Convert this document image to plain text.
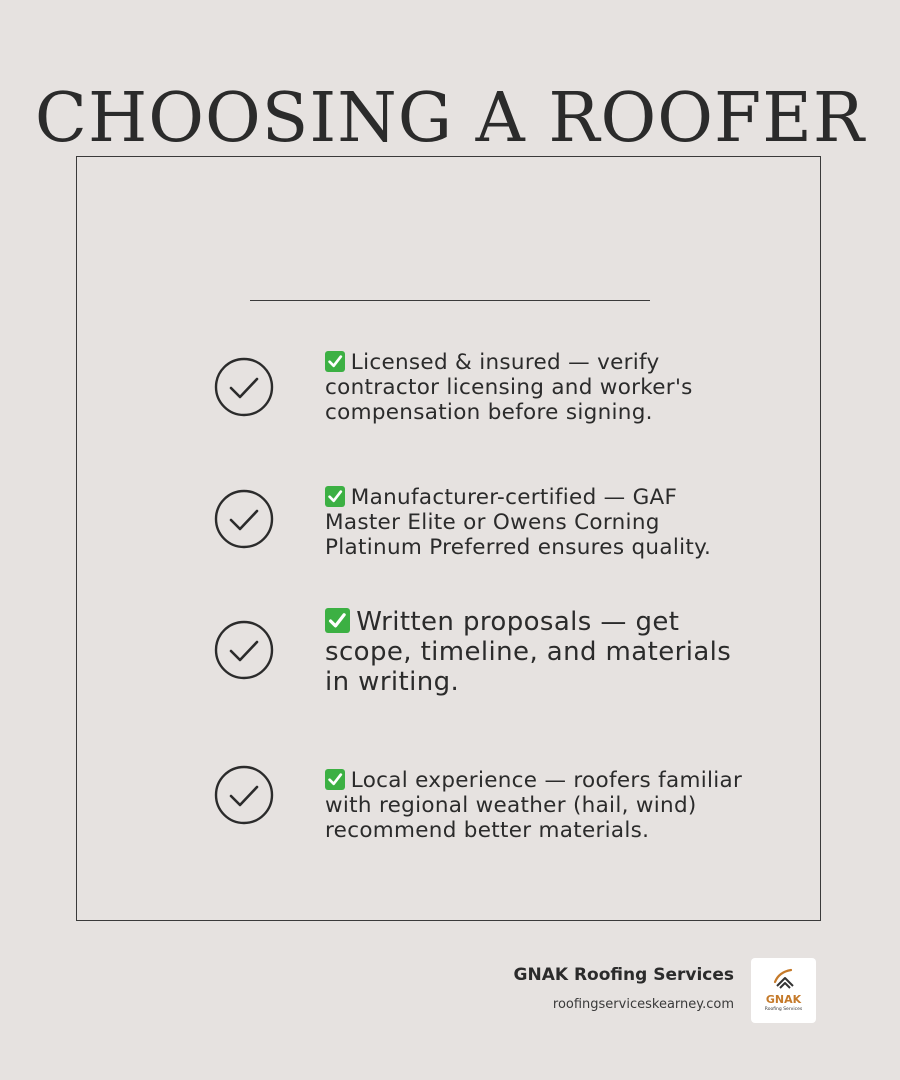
CHOOSING A ROOFER
Licensed & insured — verify contractor licensing and worker's compensation before signing.
Manufacturer-certified — GAF Master Elite or Owens Corning Platinum Preferred ensures quality.
Written proposals — get scope, timeline, and materials in writing.
Local experience — roofers familiar with regional weather (hail, wind) recommend better materials.
GNAK Roofing Services
roofingserviceskearney.com	GNAK
Roofing Services
